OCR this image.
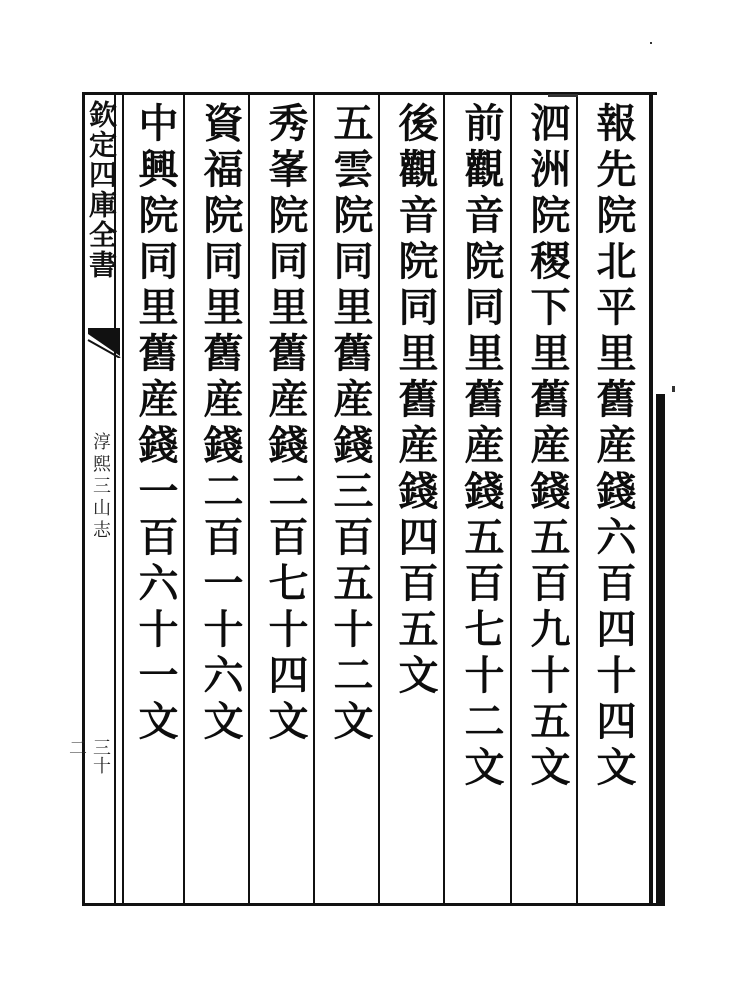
欽定四庫全書
淳熙三山志
三十二	報先院北平里舊産錢六百四十四文
泗洲院稷下里舊産錢五百九十五文
前觀音院同里舊産錢五百七十二文
後觀音院同里舊産錢四百五文
五雲院同里舊産錢三百五十二文
秀峯院同里舊産錢二百七十四文
資福院同里舊産錢二百一十六文
中興院同里舊産錢一百六十一文
